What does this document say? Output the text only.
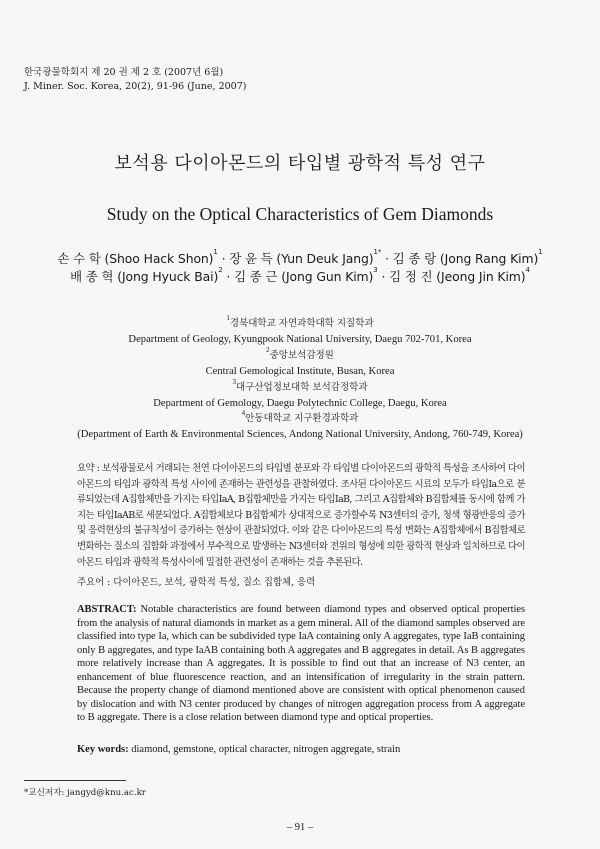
한국광물학회지 제 20 권 제 2 호 (2007년 6월)
J. Miner. Soc. Korea, 20(2), 91-96 (June, 2007)
보석용 다이아몬드의 타입별 광학적 특성 연구
Study on the Optical Characteristics of Gem Diamonds
손 수 학 (Shoo Hack Shon)$^1$ · 장 윤 득 (Yun Deuk Jang)$^{1*}$ · 김 종 랑 (Jong Rang Kim)$^1$
배 종 혁 (Jong Hyuck Bai)$^2$ · 김 종 근 (Jong Gun Kim)$^3$ · 김 정 진 (Jeong Jin Kim)$^4$
$^1$경북대학교 자연과학대학 지질학과
Department of Geology, Kyungpook National University, Daegu 702-701, Korea
$^2$중앙보석감정원
Central Gemological Institute, Busan, Korea
$^3$대구산업정보대학 보석감정학과
Department of Gemology, Daegu Polytechnic College, Daegu, Korea
$^4$안동대학교 지구환경과학과
(Department of Earth & Environmental Sciences, Andong National University, Andong, 760-749, Korea)
요약 : 보석광물로서 거래되는 천연 다이아몬드의 타입별 분포와 각 타입별 다이아몬드의 광학적 특성을 조사하여 다이아몬드의 타입과 광학적 특성 사이에 존재하는 관련성을 관찰하였다. 조사된 다이아몬드 시료의 모두가 타입Ia으로 분류되었는데 A집합체만을 가지는 타입IaA, B집합체만을 가지는 타입IaB, 그리고 A집합체와 B집합체를 동시에 함께 가지는 타입IaAB로 세분되었다. A집합체보다 B집합체가 상대적으로 증가할수록 N3센터의 증가, 청색 형광반응의 증가 및 응력현상의 불규칙성이 증가하는 현상이 관찰되었다. 이와 같은 다이아몬드의 특성 변화는 A집합체에서 B집합체로 변화하는 질소의 집합화 과정에서 부수적으로 발생하는 N3센터와 전위의 형성에 의한 광학적 현상과 일치하므로 다이아몬드 타입과 광학적 특성사이에 밀접한 관련성이 존재하는 것을 추론된다.
주요어 : 다이아몬드, 보석, 광학적 특성, 질소 집합체, 응력
ABSTRACT: Notable characteristics are found between diamond types and observed optical properties from the analysis of natural diamonds in market as a gem mineral. All of the diamond samples observed are classified into type Ia, which can be subdivided type IaA containing only A aggregates, type IaB containing only B aggregates, and type IaAB containing both A aggregates and B aggregates in detail. As B aggregates more relatively increase than A aggregates. It is possible to find out that an increase of N3 center, an enhancement of blue fluorescence reaction, and an intensification of irregularity in the strain pattern. Because the property change of diamond mentioned above are consistent with optical phenomenon caused by dislocation and with N3 center produced by changes of nitrogen aggregation process from A aggregate to B aggregate. There is a close relation between diamond type and optical properties.
Key words: diamond, gemstone, optical character, nitrogen aggregate, strain
*교신저자: jangyd@knu.ac.kr
– 91 –
